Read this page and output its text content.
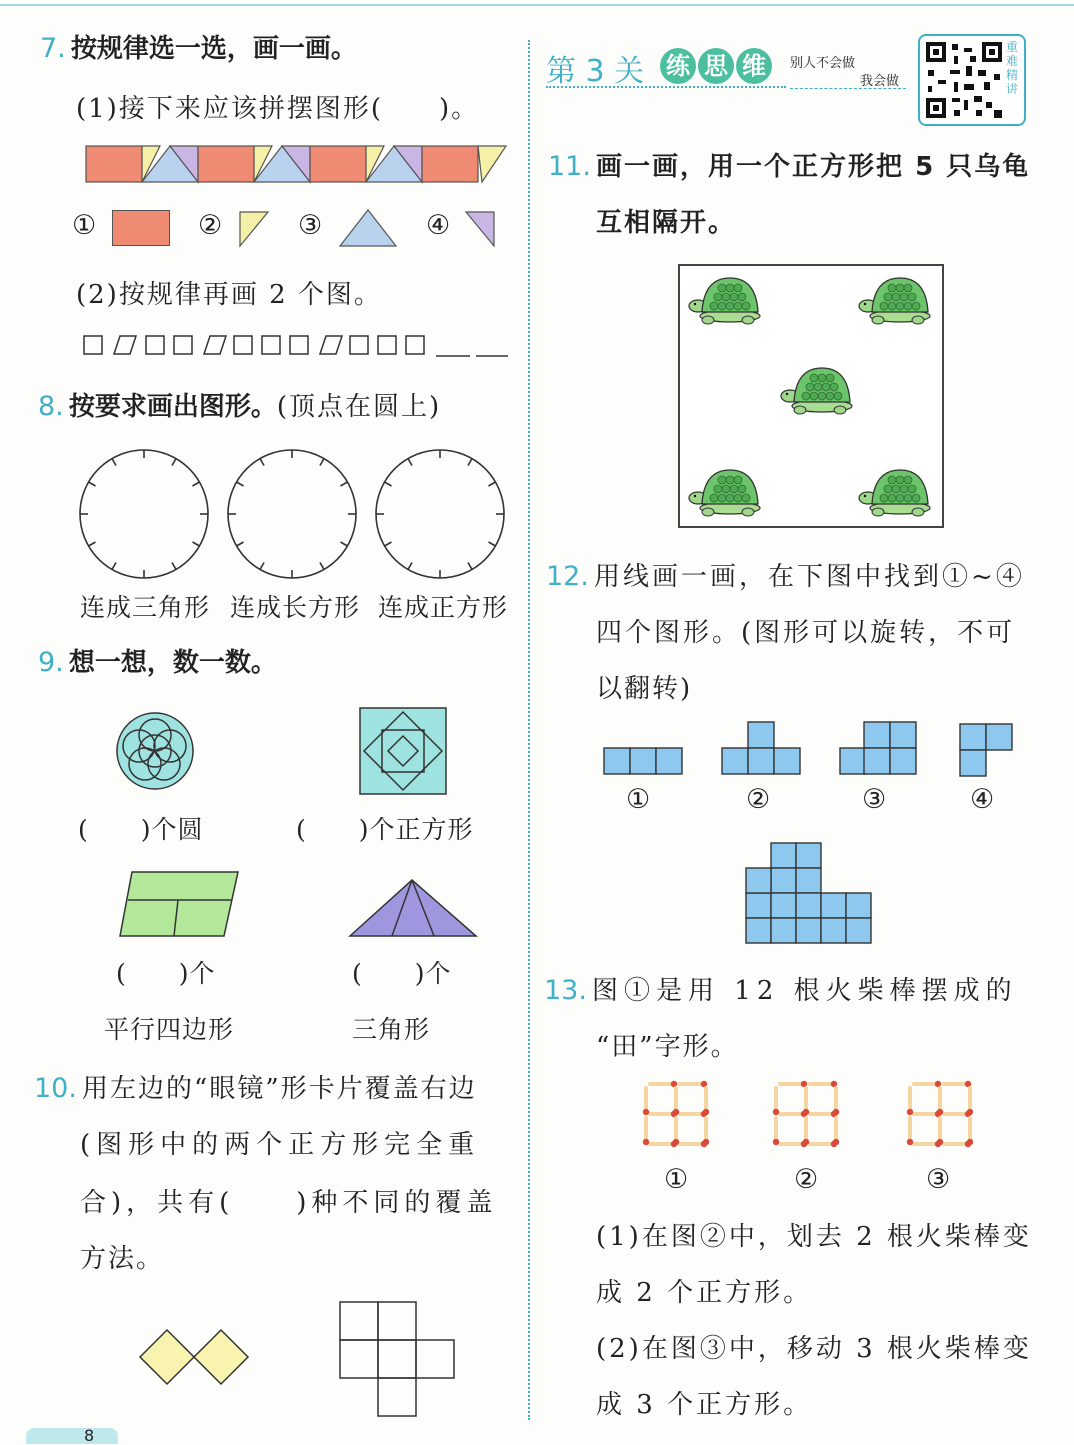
7. 按规律选一选，画一画。
(1)接下来应该拼摆图形(　　)。
①	②	③	④
(2)按规律再画 2 个图。
8. 按要求画出图形。(顶点在圆上)
连成三角形 连成长方形 连成正方形
9. 想一想，数一数。
(　　)个圆	(　　)个正方形
(　　)个	(　　)个
平行四边形	三角形
10. 用左边的“眼镜”形卡片覆盖右边
(图形中的两个正方形完全重
合)，共有(　　)种不同的覆盖
方法。
8
第 3 关 练 思 维	别人不会做
我会做
重难精讲
11. 画一画，用一个正方形把 5 只乌龟
互相隔开。
12. 用线画一画，在下图中找到①~④
四个图形。(图形可以旋转，不可
以翻转)
①	②	③	④
13. 图①是用 12 根火柴棒摆成的
“田”字形。
①	②	③
(1)在图②中，划去 2 根火柴棒变
成 2 个正方形。
(2)在图③中，移动 3 根火柴棒变
成 3 个正方形。
